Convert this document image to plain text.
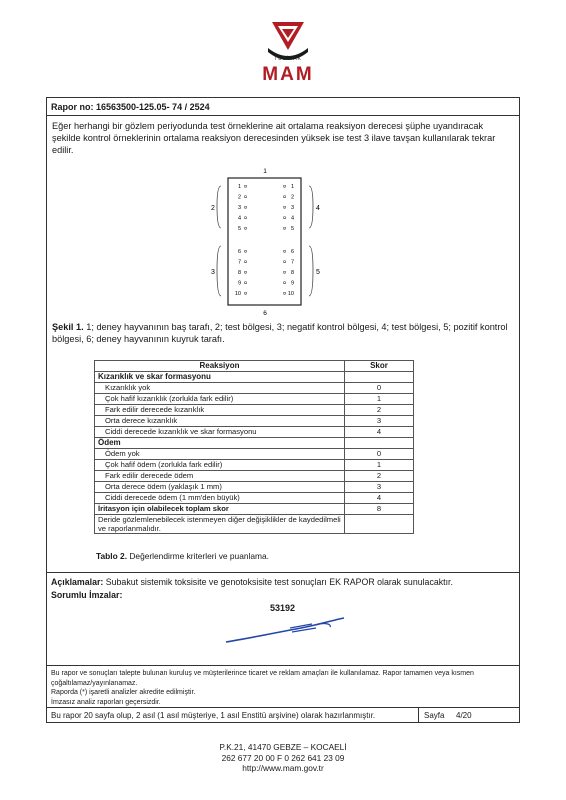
TÜBİTAK
MAM
Rapor no: 16563500-125.05- 74 / 2524
Eğer herhangi bir gözlem periyodunda test örneklerine ait ortalama reaksiyon derecesi şüphe uyandıracak şekilde kontrol örneklerinin ortalama reaksiyon derecesinden yüksek ise test 3 ilave tavşan kullanılarak tekrar edilir.
1
6
2
3
4
5
1 ¤	1
¤
2 ¤	2
¤
3 ¤	3
¤
4 ¤	4
¤
5 ¤	5
¤
6 ¤	6
¤
7 ¤	7
¤
8 ¤	8
¤
9 ¤	9
¤
10 ¤	10
¤
Şekil 1. 1; deney hayvanının baş tarafı, 2; test bölgesi, 3; negatif kontrol bölgesi, 4; test bölgesi, 5; pozitif kontrol bölgesi, 6; deney hayvanının kuyruk tarafı.
Reaksiyon	Skor
Kızarıklık ve skar formasyonu	
Kızarıklık yok	0
Çok hafif kızarıklık (zorlukla fark edilir)	1
Fark edilir derecede kızarıklık	2
Orta derece kızarıklık	3
Ciddi derecede kızarıklık ve skar formasyonu	4
Ödem	
Ödem yok	0
Çok hafif ödem (zorlukla fark edilir)	1
Fark edilir derecede ödem	2
Orta derece ödem (yaklaşık 1 mm)	3
Ciddi derecede ödem (1 mm'den büyük)	4
İritasyon için olabilecek toplam skor	8
Deride gözlemlenebilecek istenmeyen diğer değişiklikler de kaydedilmeli ve raporlanmalıdır.	
Tablo 2. Değerlendirme kriterleri ve puanlama.
Açıklamalar: Subakut sistemik toksisite ve genotoksisite test sonuçları EK RAPOR olarak sunulacaktır.
Sorumlu İmzalar:
53192
Bu rapor ve sonuçları talepte bulunan kuruluş ve müşterilerince ticaret ve reklam amaçları ile kullanılamaz. Rapor tamamen veya kısmen çoğaltılamaz/yayınlanamaz.
Raporda (*) işaretli analizler akredite edilmiştir.
İmzasız analiz raporları geçersizdir.
Bu rapor 20 sayfa olup, 2 asıl (1 asıl müşteriye, 1 asıl Enstitü arşivine) olarak hazırlanmıştır.	Sayfa 4/20
P.K.21, 41470 GEBZE – KOCAELİ
262 677 20 00 F 0 262 641 23 09
http://www.mam.gov.tr
